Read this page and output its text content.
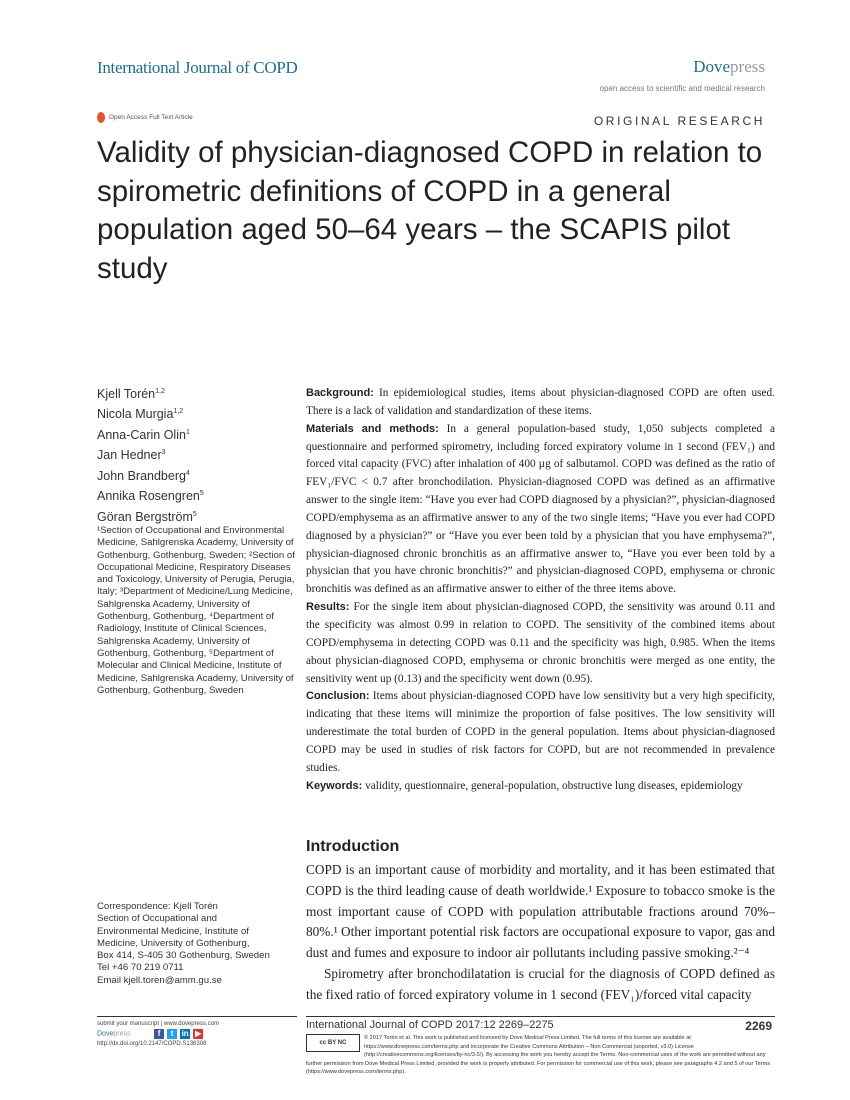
International Journal of COPD	Dovepress
open access to scientific and medical research
Open Access Full Text Article	ORIGINAL RESEARCH
Validity of physician-diagnosed COPD in relation to spirometric definitions of COPD in a general population aged 50–64 years – the SCAPIS pilot study
Kjell Torén$^{1,2}$
Nicola Murgia$^{1,2}$
Anna-Carin Olin$^1$
Jan Hedner$^3$
John Brandberg$^4$
Annika Rosengren$^5$
Göran Bergström$^5$
¹Section of Occupational and Environmental Medicine, Sahlgrenska Academy, University of Gothenburg, Gothenburg, Sweden; ²Section of Occupational Medicine, Respiratory Diseases and Toxicology, University of Perugia, Perugia, Italy; ³Department of Medicine/Lung Medicine, Sahlgrenska Academy, University of Gothenburg, Gothenburg, ⁴Department of Radiology, Institute of Clinical Sciences, Sahlgrenska Academy, University of Gothenburg, Gothenburg, ⁵Department of Molecular and Clinical Medicine, Institute of Medicine, Sahlgrenska Academy, University of Gothenburg, Gothenburg, Sweden
Correspondence: Kjell Torén
Section of Occupational and
Environmental Medicine, Institute of
Medicine, University of Gothenburg,
Box 414, S-405 30 Gothenburg, Sweden
Tel +46 70 219 0711
Email kjell.toren@amm.gu.se

Background: In epidemiological studies, items about physician-diagnosed COPD are often used. There is a lack of validation and standardization of these items.

Materials and methods: In a general population-based study, 1,050 subjects completed a questionnaire and performed spirometry, including forced expiratory volume in 1 second (FEV₁) and forced vital capacity (FVC) after inhalation of 400 µg of salbutamol. COPD was defined as the ratio of FEV₁/FVC < 0.7 after bronchodilation. Physician-diagnosed COPD was defined as an affirmative answer to the single item: “Have you ever had COPD diagnosed by a physician?”, physician-diagnosed COPD/emphysema as an affirmative answer to any of the two single items; “Have you ever had COPD diagnosed by a physician?” or “Have you ever been told by a physician that you have emphysema?”, physician-diagnosed chronic bronchitis as an affirmative answer to, “Have you ever been told by a physician that you have chronic bronchitis?” and physician-diagnosed COPD, emphysema or chronic bronchitis was defined as an affirmative answer to either of the three items above.

Results: For the single item about physician-diagnosed COPD, the sensitivity was around 0.11 and the specificity was almost 0.99 in relation to COPD. The sensitivity of the combined items about COPD/emphysema in detecting COPD was 0.11 and the specificity was high, 0.985. When the items about physician-diagnosed COPD, emphysema or chronic bronchitis were merged as one entity, the sensitivity went up (0.13) and the specificity went down (0.95).

Conclusion: Items about physician-diagnosed COPD have low sensitivity but a very high specificity, indicating that these items will minimize the proportion of false positives. The low sensitivity will underestimate the total burden of COPD in the general population. Items about physician-diagnosed COPD may be used in studies of risk factors for COPD, but are not recommended in prevalence studies.

Keywords: validity, questionnaire, general-population, obstructive lung diseases, epidemiology

Introduction

COPD is an important cause of morbidity and mortality, and it has been estimated that COPD is the third leading cause of death worldwide.¹ Exposure to tobacco smoke is the most important cause of COPD with population attributable fractions around 70%–80%.¹ Other important potential risk factors are occupational exposure to vapor, gas and dust and fumes and exposure to indoor air pollutants including passive smoking.²⁻⁴

Spirometry after bronchodilatation is crucial for the diagnosis of COPD defined as the fixed ratio of forced expiratory volume in 1 second (FEV₁)/forced vital capacity

submit your manuscript | www.dovepress.com
Dovepress	f t in ▶
http://dx.doi.org/10.2147/COPD.S136308
International Journal of COPD 2017:12 2269–2275	2269
cc BY NC
© 2017 Torén et al. This work is published and licensed by Dove Medical Press Limited. The full terms of this license are available at https://www.dovepress.com/terms.php and incorporate the Creative Commons Attribution – Non Commercial (unported, v3.0) License (http://creativecommons.org/licenses/by-nc/3.0/). By accessing the work you hereby accept the Terms. Non-commercial uses of the work are permitted without any further permission from Dove Medical Press Limited, provided the work is properly attributed. For permission for commercial use of this work, please see paragraphs 4.2 and 5 of our Terms (https://www.dovepress.com/terms.php).
